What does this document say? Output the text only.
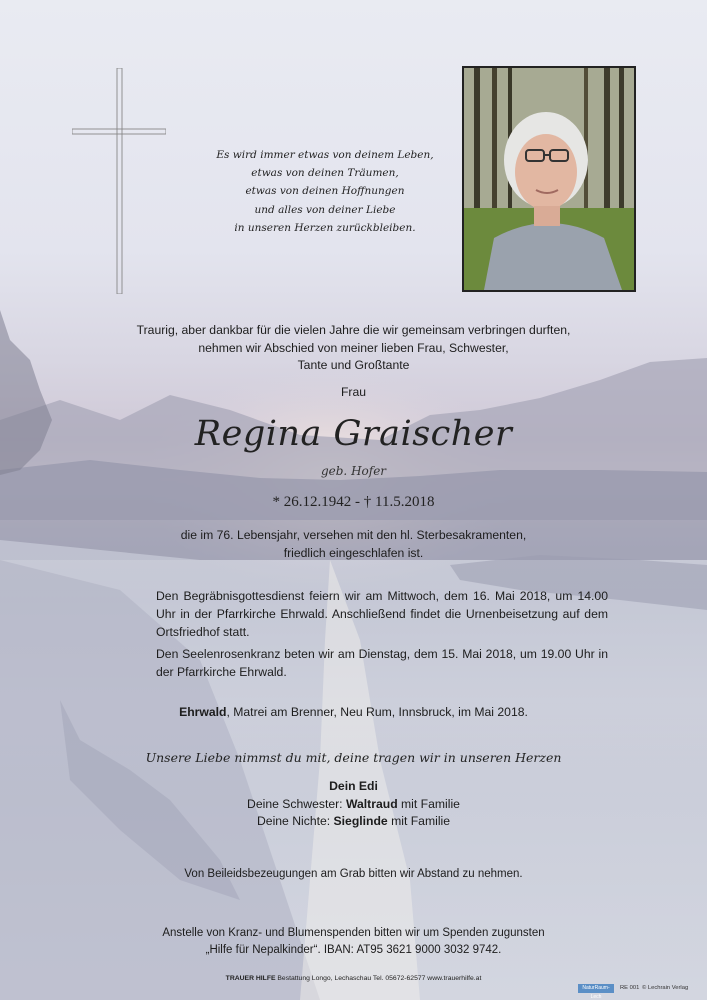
Es wird immer etwas von deinem Leben,
etwas von deinen Träumen,
etwas von deinen Hoffnungen
und alles von deiner Liebe
in unseren Herzen zurückbleiben.
Traurig, aber dankbar für die vielen Jahre die wir gemeinsam verbringen durften,
nehmen wir Abschied von meiner lieben Frau, Schwester,
Tante und Großtante
Frau
Regina Graischer
geb. Hofer
* 26.12.1942 - † 11.5.2018
die im 76. Lebensjahr, versehen mit den hl. Sterbesakramenten,
friedlich eingeschlafen ist.
Den Begräbnisgottesdienst feiern wir am Mittwoch, dem 16. Mai 2018, um 14.00 Uhr in der Pfarrkirche Ehrwald. Anschließend findet die Urnenbeisetzung auf dem Ortsfriedhof statt.
Den Seelenrosenkranz beten wir am Dienstag, dem 15. Mai 2018, um 19.00 Uhr in der Pfarrkirche Ehrwald.
Ehrwald, Matrei am Brenner, Neu Rum, Innsbruck, im Mai 2018.
Unsere Liebe nimmst du mit, deine tragen wir in unseren Herzen
Dein Edi
Deine Schwester: Waltraud mit Familie
Deine Nichte: Sieglinde mit Familie
Von Beileidsbezeugungen am Grab bitten wir Abstand zu nehmen.
Anstelle von Kranz- und Blumenspenden bitten wir um Spenden zugunsten
„Hilfe für Nepalkinder“. IBAN: AT95 3621 9000 3032 9742.
TRAUER HILFE Bestattung Longo, Lechaschau Tel. 05672-62577 www.trauerhilfe.at
NaturRaum-Lech
RE 001 © Lechrain Verlag
